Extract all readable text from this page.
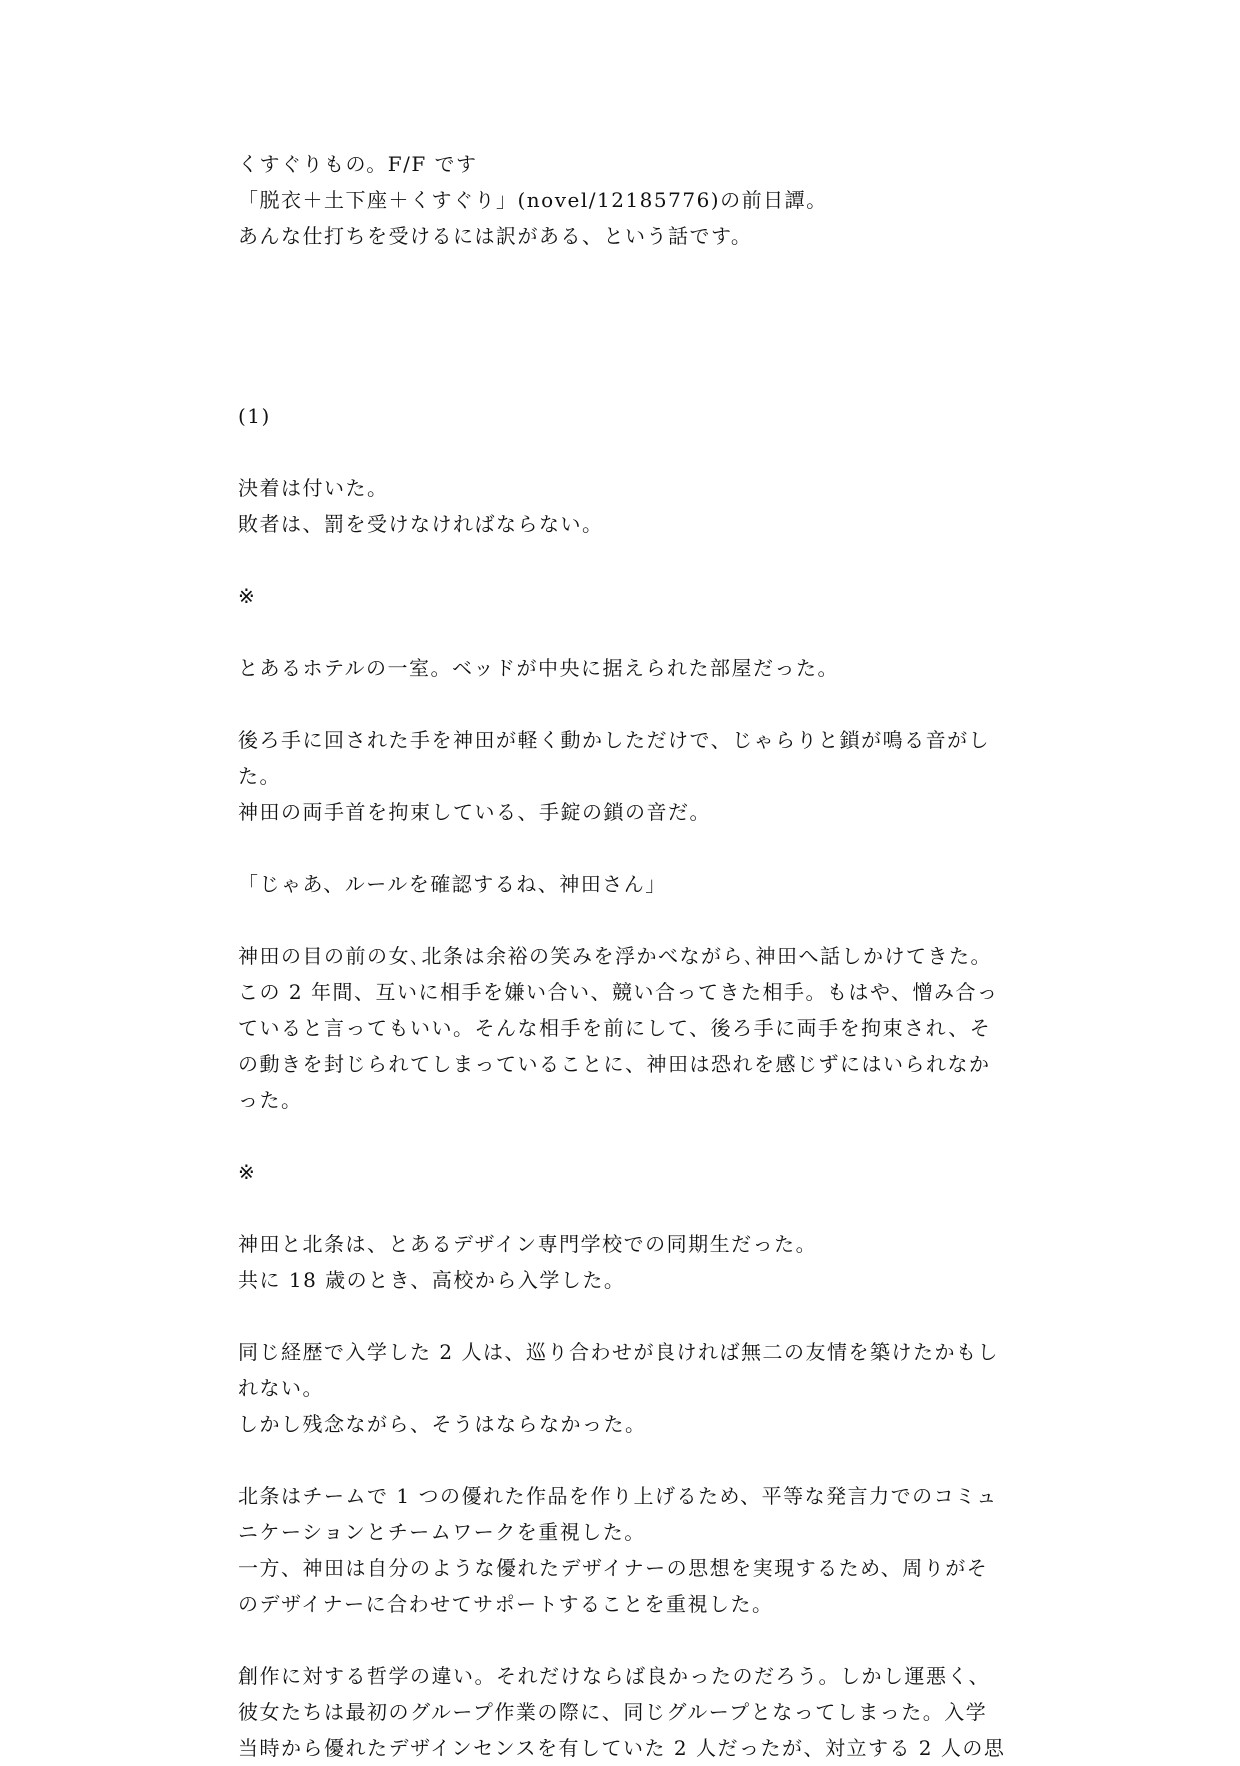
くすぐりもの。F/F です
「脱衣＋土下座＋くすぐり」(novel/12185776)の前日譚。
あんな仕打ちを受けるには訳がある、という話です。
(1)
決着は付いた。
敗者は、罰を受けなければならない。
※
とあるホテルの一室。ベッドが中央に据えられた部屋だった。
後ろ手に回された手を神田が軽く動かしただけで、じゃらりと鎖が鳴る音がし
た。
神田の両手首を拘束している、手錠の鎖の音だ。
「じゃあ、ルールを確認するね、神田さん」
神田の目の前の女､北条は余裕の笑みを浮かべながら､神田へ話しかけてきた。
この 2 年間、互いに相手を嫌い合い、競い合ってきた相手。もはや、憎み合っ
ていると言ってもいい。そんな相手を前にして、後ろ手に両手を拘束され、そ
の動きを封じられてしまっていることに、神田は恐れを感じずにはいられなか
った。
※
神田と北条は、とあるデザイン専門学校での同期生だった。
共に 18 歳のとき、高校から入学した。
同じ経歴で入学した 2 人は、巡り合わせが良ければ無二の友情を築けたかもし
れない。
しかし残念ながら、そうはならなかった。
北条はチームで 1 つの優れた作品を作り上げるため、平等な発言力でのコミュ
ニケーションとチームワークを重視した。
一方、神田は自分のような優れたデザイナーの思想を実現するため、周りがそ
のデザイナーに合わせてサポートすることを重視した。
創作に対する哲学の違い。それだけならば良かったのだろう。しかし運悪く、
彼女たちは最初のグループ作業の際に、同じグループとなってしまった。入学
当時から優れたデザインセンスを有していた 2 人だったが、対立する 2 人の思
